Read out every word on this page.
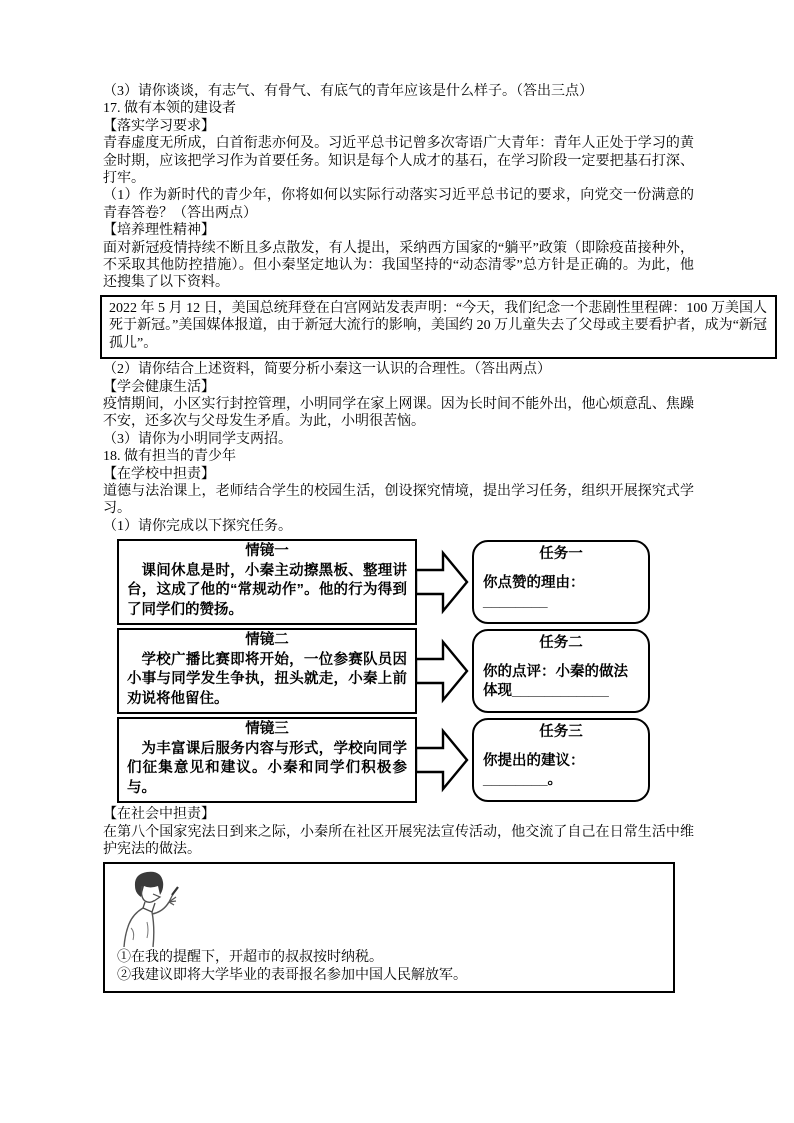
（3）请你谈谈，有志气、有骨气、有底气的青年应该是什么样子。（答出三点）

17. 做有本领的建设者

【落实学习要求】

青春虚度无所成，白首衔悲亦何及。习近平总书记曾多次寄语广大青年：青年人正处于学习的黄金时期，应该把学习作为首要任务。知识是每个人成才的基石，在学习阶段一定要把基石打深、打牢。

（1）作为新时代的青少年，你将如何以实际行动落实习近平总书记的要求，向党交一份满意的青春答卷？（答出两点）

【培养理性精神】

面对新冠疫情持续不断且多点散发，有人提出，采纳西方国家的“躺平”政策（即除疫苗接种外，不采取其他防控措施）。但小秦坚定地认为：我国坚持的“动态清零”总方针是正确的。为此，他还搜集了以下资料。

2022 年 5 月 12 日，美国总统拜登在白宫网站发表声明：“今天，我们纪念一个悲剧性里程碑：100 万美国人死于新冠。”美国媒体报道，由于新冠大流行的影响，美国约 20 万儿童失去了父母或主要看护者，成为“新冠孤儿”。

（2）请你结合上述资料，简要分析小秦这一认识的合理性。（答出两点）

【学会健康生活】

疫情期间，小区实行封控管理，小明同学在家上网课。因为长时间不能外出，他心烦意乱、焦躁不安，还多次与父母发生矛盾。为此，小明很苦恼。

（3）请你为小明同学支两招。

18. 做有担当的青少年

【在学校中担责】

道德与法治课上，老师结合学生的校园生活，创设探究情境，提出学习任务，组织开展探究式学习。

（1）请你完成以下探究任务。

情镜一
课间休息是时，小秦主动擦黑板、整理讲台，这成了他的“常规动作”。他的行为得到了同学们的赞扬。
任务一
你点赞的理由：________
情镜二
学校广播比赛即将开始，一位参赛队员因小事与同学发生争执，扭头就走，小秦上前劝说将他留住。
任务二
你的点评：小秦的做法体现____________
情镜三
为丰富课后服务内容与形式，学校向同学们征集意见和建议。小秦和同学们积极参与。
任务三
你提出的建议：________。

【在社会中担责】

在第八个国家宪法日到来之际，小秦所在社区开展宪法宣传活动，他交流了自己在日常生活中维护宪法的做法。

①在我的提醒下，开超市的叔叔按时纳税。

②我建议即将大学毕业的表哥报名参加中国人民解放军。
